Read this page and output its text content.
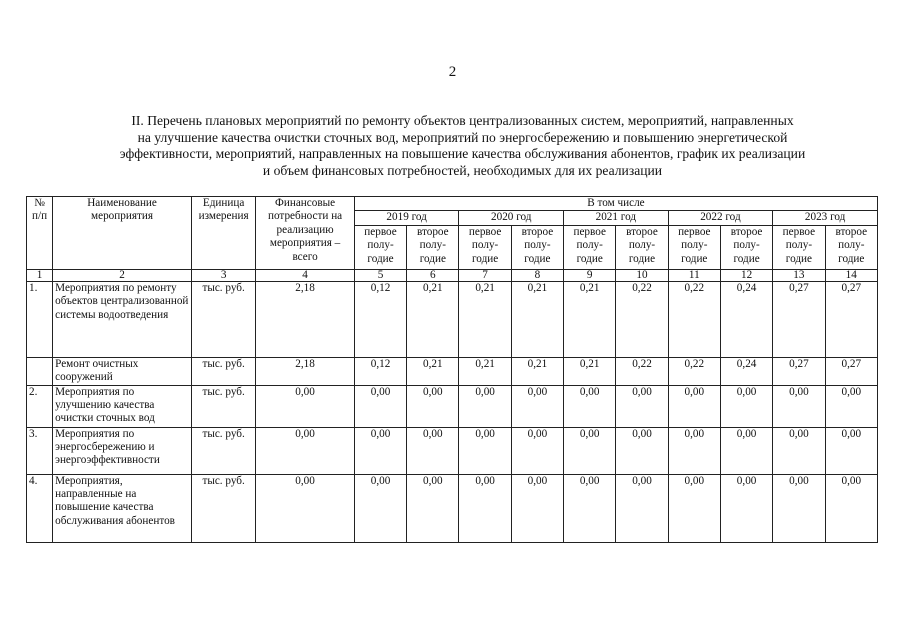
2
II. Перечень плановых мероприятий по ремонту объектов централизованных систем, мероприятий, направленных
на улучшение качества очистки сточных вод, мероприятий по энергосбережению и повышению энергетической
эффективности, мероприятий, направленных на повышение качества обслуживания абонентов, график их реализации
и объем финансовых потребностей, необходимых для их реализации
№ п/п	Наименование мероприятия	Единица измерения	Финансовые потребности на реализацию мероприятия – всего	В том числе									
				2019 год		2020 год		2021 год		2022 год		2023 год	
				первое полу-годие	второе полу-годие	первое полу-годие	второе полу-годие	первое полу-годие	второе полу-годие	первое полу-годие	второе полу-годие	первое полу-годие	второе полу-годие
1	2	3	4	5	6	7	8	9	10	11	12	13	14
1.	Мероприятия по ремонту объектов централизованной системы водоотведения	тыс. руб.	2,18	0,12	0,21	0,21	0,21	0,21	0,22	0,22	0,24	0,27	0,27
	Ремонт очистных сооружений	тыс. руб.	2,18	0,12	0,21	0,21	0,21	0,21	0,22	0,22	0,24	0,27	0,27
2.	Мероприятия по улучшению качества очистки сточных вод	тыс. руб.	0,00	0,00	0,00	0,00	0,00	0,00	0,00	0,00	0,00	0,00	0,00
3.	Мероприятия по энергосбережению и энергоэффективности	тыс. руб.	0,00	0,00	0,00	0,00	0,00	0,00	0,00	0,00	0,00	0,00	0,00
4.	Мероприятия, направленные на повышение качества обслуживания абонентов	тыс. руб.	0,00	0,00	0,00	0,00	0,00	0,00	0,00	0,00	0,00	0,00	0,00
